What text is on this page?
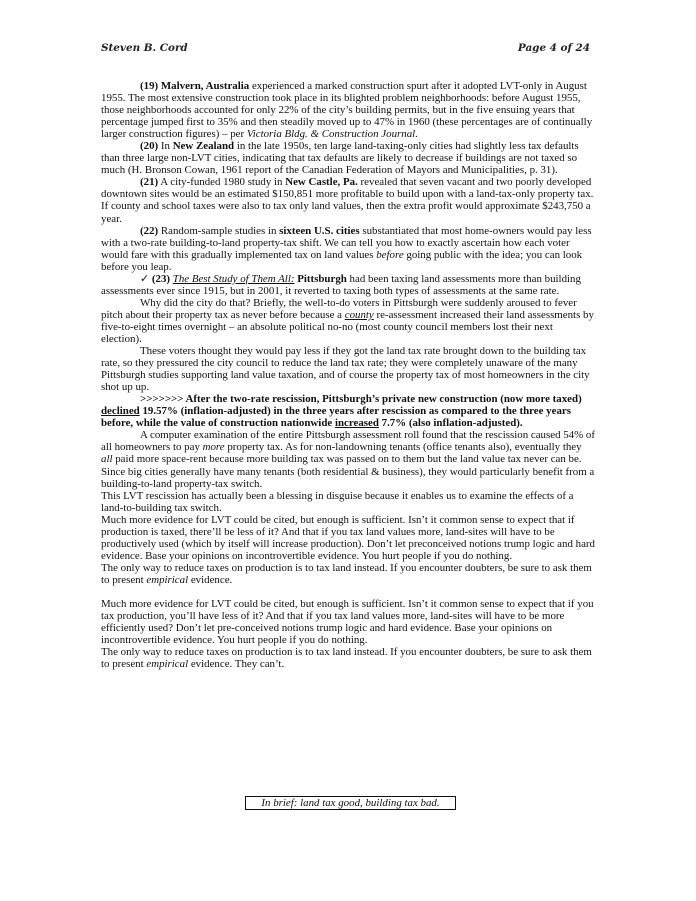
Steven B. Cord	Page 4 of 24

(19) Malvern, Australia experienced a marked construction spurt after it adopted LVT-only in August 1955. The most extensive construction took place in its blighted problem neighborhoods: before August 1955, those neighborhoods accounted for only 22% of the city’s building permits, but in the five ensuing years that percentage jumped first to 35% and then steadily moved up to 47% in 1960 (these percentages are of continually larger construction figures) – per Victoria Bldg. & Construction Journal.

(20) In New Zealand in the late 1950s, ten large land-taxing-only cities had slightly less tax defaults than three large non-LVT cities, indicating that tax defaults are likely to decrease if buildings are not taxed so much (H. Bronson Cowan, 1961 report of the Canadian Federation of Mayors and Municipalities, p. 31).

(21) A city-funded 1980 study in New Castle, Pa. revealed that seven vacant and two poorly developed downtown sites would be an estimated $150,851 more profitable to build upon with a land-tax-only property tax. If county and school taxes were also to tax only land values, then the extra profit would approximate $243,750 a year.

(22) Random-sample studies in sixteen U.S. cities substantiated that most home-owners would pay less with a two-rate building-to-land property-tax shift. We can tell you how to exactly ascertain how each voter would fare with this gradually implemented tax on land values before going public with the idea; you can look before you leap.

✓ (23) The Best Study of Them All: Pittsburgh had been taxing land assessments more than building assessments ever since 1915, but in 2001, it reverted to taxing both types of assessments at the same rate.

Why did the city do that? Briefly, the well-to-do voters in Pittsburgh were suddenly aroused to fever pitch about their property tax as never before because a county re-assessment increased their land assessments by five-to-eight times overnight – an absolute political no-no (most county council members lost their next election).

These voters thought they would pay less if they got the land tax rate brought down to the building tax rate, so they pressured the city council to reduce the land tax rate; they were completely unaware of the many Pittsburgh studies supporting land value taxation, and of course the property tax of most homeowners in the city shot up up.

>>>>>>> After the two-rate rescission, Pittsburgh’s private new construction (now more taxed) declined 19.57% (inflation-adjusted) in the three years after rescission as compared to the three years before, while the value of construction nationwide increased 7.7% (also inflation-adjusted).

A computer examination of the entire Pittsburgh assessment roll found that the rescission caused 54% of all homeowners to pay more property tax. As for non-landowning tenants (office tenants also), eventually they all paid more space-rent because more building tax was passed on to them but the land value tax never can be. Since big cities generally have many tenants (both residential & business), they would particularly benefit from a building-to-land property-tax switch.

This LVT rescission has actually been a blessing in disguise because it enables us to examine the effects of a land-to-building tax switch.

Much more evidence for LVT could be cited, but enough is sufficient. Isn’t it common sense to expect that if production is taxed, there’ll be less of it? And that if you tax land values more, land-sites will have to be productively used (which by itself will increase production). Don’t let preconceived notions trump logic and hard evidence. Base your opinions on incontrovertible evidence. You hurt people if you do nothing.

The only way to reduce taxes on production is to tax land instead. If you encounter doubters, be sure to ask them to present empirical evidence.

Much more evidence for LVT could be cited, but enough is sufficient. Isn’t it common sense to expect that if you tax production, you’ll have less of it? And that if you tax land values more, land-sites will have to be more efficiently used? Don’t let pre-conceived notions trump logic and hard evidence. Base your opinions on incontrovertible evidence. You hurt people if you do nothing.

The only way to reduce taxes on production is to tax land instead. If you encounter doubters, be sure to ask them to present empirical evidence. They can’t.

In brief: land tax good, building tax bad.
